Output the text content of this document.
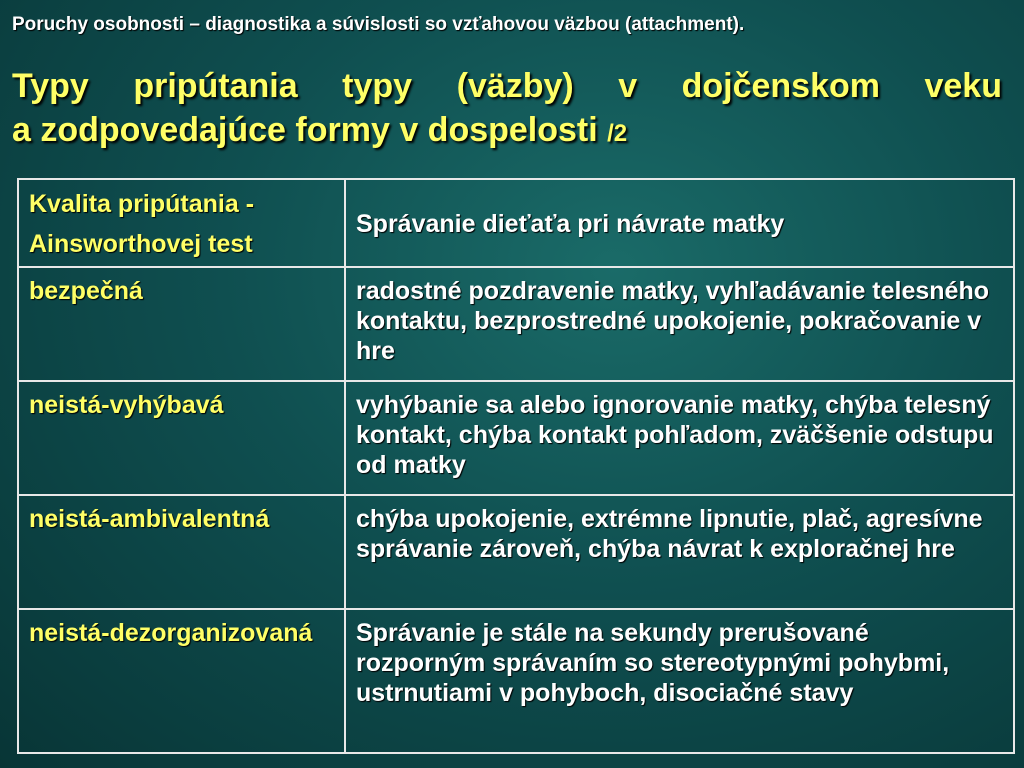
Poruchy osobnosti – diagnostika a súvislosti so vzťahovou väzbou (attachment).
Typy pripútania typy (väzby) v dojčenskom veku
a zodpovedajúce formy v dospelosti /2
Kvalita pripútania -
Ainsworthovej test	Správanie dieťaťa pri návrate matky
bezpečná	radostné pozdravenie matky, vyhľadávanie telesného kontaktu, bezprostredné upokojenie, pokračovanie v hre
neistá-vyhýbavá	vyhýbanie sa alebo ignorovanie matky, chýba telesný kontakt, chýba kontakt pohľadom, zväčšenie odstupu od matky
neistá-ambivalentná	chýba upokojenie, extrémne lipnutie, plač, agresívne správanie zároveň, chýba návrat k exploračnej hre
neistá-dezorganizovaná	Správanie je stále na sekundy prerušované rozporným správaním so stereotypnými pohybmi, ustrnutiami v pohyboch, disociačné stavy
